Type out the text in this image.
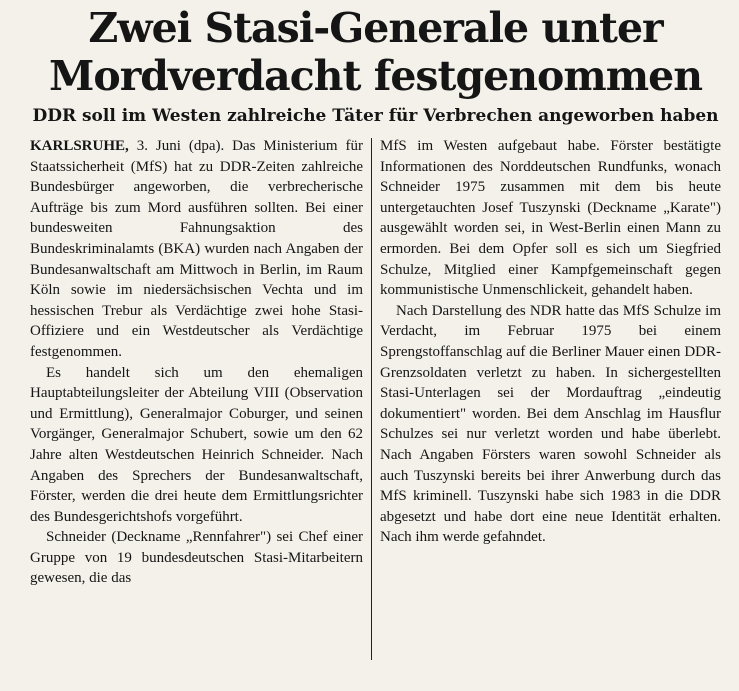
Zwei Stasi-Generale unter
Mordverdacht festgenommen
DDR soll im Westen zahlreiche Täter für Verbrechen angeworben haben

KARLSRUHE, 3. Juni (dpa). Das Ministerium für Staatssicherheit (MfS) hat zu DDR-Zeiten zahlreiche Bundesbürger angeworben, die verbrecherische Aufträge bis zum Mord ausführen sollten. Bei einer bundesweiten Fahnungsaktion des Bundeskriminalamts (BKA) wurden nach Angaben der Bundesanwaltschaft am Mittwoch in Berlin, im Raum Köln sowie im niedersächsischen Vechta und im hessischen Trebur als Verdächtige zwei hohe Stasi-Offiziere und ein Westdeutscher als Verdächtige festgenommen.

Es handelt sich um den ehemaligen Hauptabteilungsleiter der Abteilung VIII (Observation und Ermittlung), Generalmajor Coburger, und seinen Vorgänger, Generalmajor Schubert, sowie um den 62 Jahre alten Westdeutschen Heinrich Schneider. Nach Angaben des Sprechers der Bundesanwaltschaft, Förster, werden die drei heute dem Ermittlungsrichter des Bundesgerichtshofs vorgeführt.

Schneider (Deckname „Rennfahrer") sei Chef einer Gruppe von 19 bundesdeutschen Stasi-Mitarbeitern gewesen, die das

MfS im Westen aufgebaut habe. Förster bestätigte Informationen des Norddeutschen Rundfunks, wonach Schneider 1975 zusammen mit dem bis heute untergetauchten Josef Tuszynski (Deckname „Karate") ausgewählt worden sei, in West-Berlin einen Mann zu ermorden. Bei dem Opfer soll es sich um Siegfried Schulze, Mitglied einer Kampfgemeinschaft gegen kommunistische Unmenschlickeit, gehandelt haben.

Nach Darstellung des NDR hatte das MfS Schulze im Verdacht, im Februar 1975 bei einem Sprengstoffanschlag auf die Berliner Mauer einen DDR-Grenzsoldaten verletzt zu haben. In sichergestellten Stasi-Unterlagen sei der Mordauftrag „eindeutig dokumentiert" worden. Bei dem Anschlag im Hausflur Schulzes sei nur verletzt worden und habe überlebt. Nach Angaben Försters waren sowohl Schneider als auch Tuszynski bereits bei ihrer Anwerbung durch das MfS kriminell. Tuszynski habe sich 1983 in die DDR abgesetzt und habe dort eine neue Identität erhalten. Nach ihm werde gefahndet.
